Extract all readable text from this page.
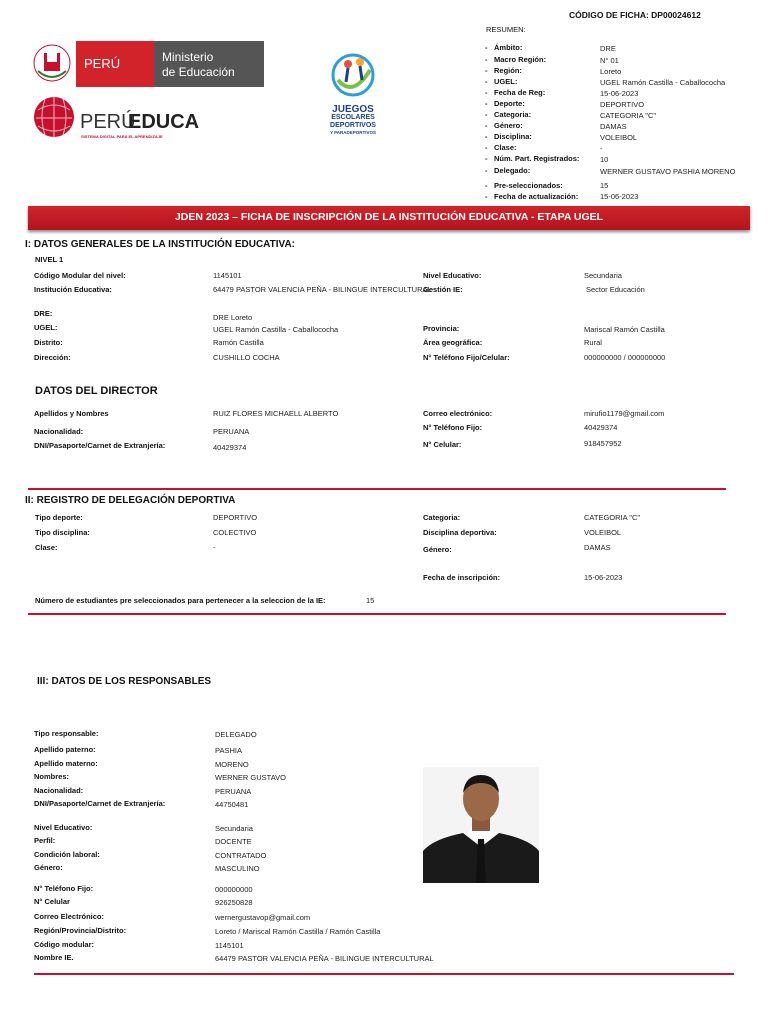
CÓDIGO DE FICHA: DP00024612
RESUMEN:
PERÚ	Ministerio
de Educación
PERÚ
EDUCA
SISTEMA DIGITAL PARA EL APRENDIZAJE
JUEGOS
ESCOLARES
DEPORTIVOS
Y PARADEPORTIVOS
Ámbito:	DRE
Macro Región:	N° 01
Región:	Loreto
UGEL:	UGEL Ramón Castilla - Caballococha
Fecha de Reg:	15-06-2023
Deporte:	DEPORTIVO
Categoria:	CATEGORIA "C"
Género:	DAMAS
Disciplina:	VOLEIBOL
Clase:	-
Núm. Part. Registrados:	10
Delegado:	WERNER GUSTAVO PASHIA MORENO
Pre-seleccionados:	15
Fecha de actualización:	15-06-2023
-
-
-
-
-
-
-
-
-
-
-
-
-
-
JDEN 2023 – FICHA DE INSCRIPCIÓN DE LA INSTITUCIÓN EDUCATIVA - ETAPA UGEL
I: DATOS GENERALES DE LA INSTITUCIÓN EDUCATIVA:
NIVEL 1
Código Modular del nivel:	1145101	Nivel Educativo:	Secundaria
Institución Educativa:	64479 PASTOR VALENCIA PEÑA - BILINGUE INTERCULTURAL
Gestión IE:	Sector Educación
DRE:	DRE Loreto
UGEL:	UGEL Ramón Castilla - Caballococha	Provincia:	Mariscal Ramón Castilla
Distrito:	Ramón Castilla	Área geográfica:	Rural
Dirección:	CUSHILLO COCHA	N° Teléfono Fijo/Celular:	000000000 / 000000000
DATOS DEL DIRECTOR
Apellidos y Nombres	RUIZ FLORES MICHAELL ALBERTO	Correo electrónico:	mirufio1179@gmail.com
Nacionalidad:	PERUANA	N° Teléfono Fijo:	40429374
DNI/Pasaporte/Carnet de Extranjería:	40429374	N° Celular:	918457952
II: REGISTRO DE DELEGACIÓN DEPORTIVA
Tipo deporte:	DEPORTIVO	Categoria:	CATEGORIA "C"
Tipo disciplina:	COLECTIVO	Disciplina deportiva:	VOLEIBOL
Clase:	-	Género:	DAMAS
Fecha de inscripción:	15-06-2023
Número de estudiantes pre seleccionados para pertenecer a la seleccion de la IE:	15
III: DATOS DE LOS RESPONSABLES
Tipo responsable:	DELEGADO
Apellido paterno:	PASHIA
Apellido materno:	MORENO
Nombres:	WERNER GUSTAVO
Nacionalidad:	PERUANA
DNI/Pasaporte/Carnet de Extranjería:	44750481
Nivel Educativo:	Secundaria
Perfil:	DOCENTE
Condición laboral:	CONTRATADO
Género:	MASCULINO
N° Teléfono Fijo:	000000000
N° Celular	926250828
Correo Electrónico:	wernergustavop@gmail.com
Región/Provincia/Distrito:	Loreto / Mariscal Ramón Castilla / Ramón Castilla
Código modular:	1145101
Nombre IE.	64479 PASTOR VALENCIA PEÑA - BILINGUE INTERCULTURAL
